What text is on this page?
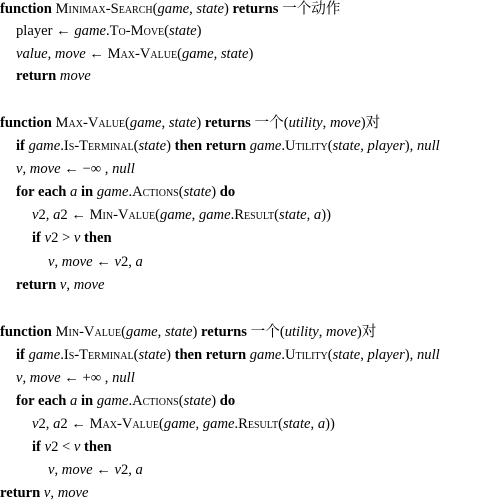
function Minimax-Search(game, state) returns 一个动作
player ← game.To-Move(state)
value, move ← Max-Value(game, state)
return move
function Max-Value(game, state) returns 一个(utility, move)对
if game.Is-Terminal(state) then return game.Utility(state, player), null
v, move ← −∞ , null
for each a in game.Actions(state) do
v2, a2 ← Min-Value(game, game.Result(state, a))
if v2 > v then
v, move ← v2, a
return v, move
function Min-Value(game, state) returns 一个(utility, move)对
if game.Is-Terminal(state) then return game.Utility(state, player), null
v, move ← +∞ , null
for each a in game.Actions(state) do
v2, a2 ← Max-Value(game, game.Result(state, a))
if v2 < v then
v, move ← v2, a
return v, move
